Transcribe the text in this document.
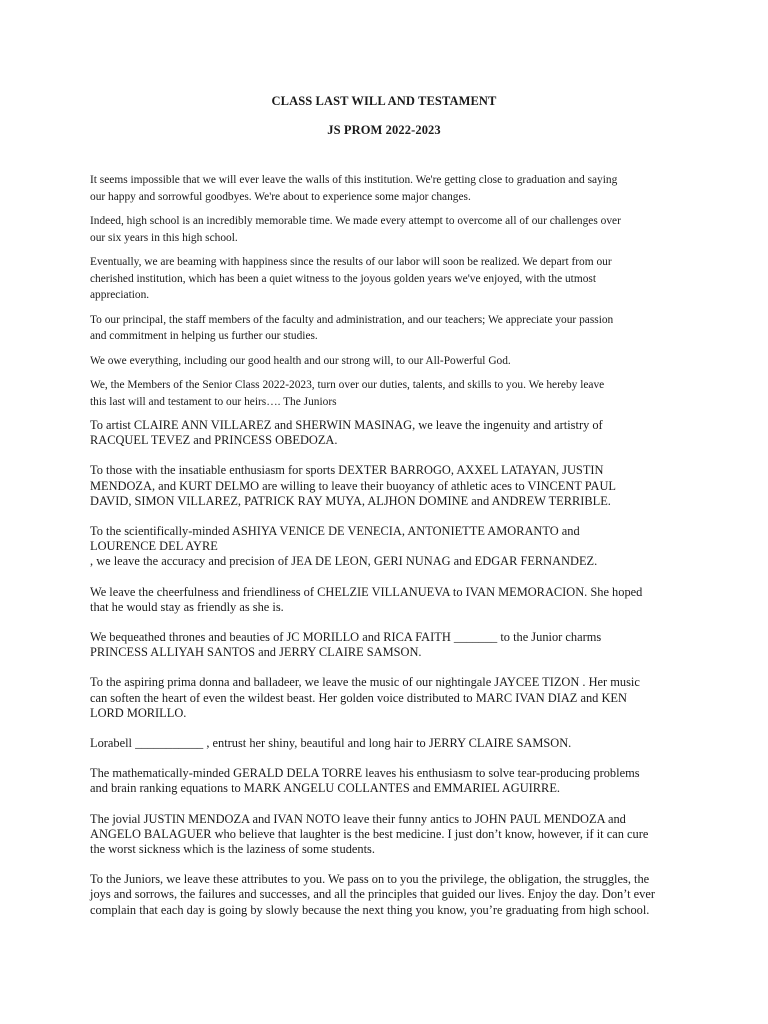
CLASS LAST WILL AND TESTAMENT
JS PROM 2022-2023

It seems impossible that we will ever leave the walls of this institution. We're getting close to graduation and saying
our happy and sorrowful goodbyes. We're about to experience some major changes.

Indeed, high school is an incredibly memorable time. We made every attempt to overcome all of our challenges over
our six years in this high school.

Eventually, we are beaming with happiness since the results of our labor will soon be realized. We depart from our
cherished institution, which has been a quiet witness to the joyous golden years we've enjoyed, with the utmost
appreciation.

To our principal, the staff members of the faculty and administration, and our teachers; We appreciate your passion
and commitment in helping us further our studies.

We owe everything, including our good health and our strong will, to our All-Powerful God.

We, the Members of the Senior Class 2022-2023, turn over our duties, talents, and skills to you. We hereby leave
this last will and testament to our heirs…. The Juniors

To artist CLAIRE ANN VILLAREZ and SHERWIN MASINAG, we leave the ingenuity and artistry of
RACQUEL TEVEZ and PRINCESS OBEDOZA.

To those with the insatiable enthusiasm for sports DEXTER BARROGO, AXXEL LATAYAN, JUSTIN
MENDOZA, and KURT DELMO are willing to leave their buoyancy of athletic aces to VINCENT PAUL
DAVID, SIMON VILLAREZ, PATRICK RAY MUYA, ALJHON DOMINE and ANDREW TERRIBLE.

To the scientifically-minded ASHIYA VENICE DE VENECIA, ANTONIETTE AMORANTO and
LOURENCE DEL AYRE
, we leave the accuracy and precision of JEA DE LEON, GERI NUNAG and EDGAR FERNANDEZ.

We leave the cheerfulness and friendliness of CHELZIE VILLANUEVA to IVAN MEMORACION. She hoped
that he would stay as friendly as she is.

We bequeathed thrones and beauties of JC MORILLO and RICA FAITH _______ to the Junior charms
PRINCESS ALLIYAH SANTOS and JERRY CLAIRE SAMSON.

To the aspiring prima donna and balladeer, we leave the music of our nightingale JAYCEE TIZON . Her music
can soften the heart of even the wildest beast. Her golden voice distributed to MARC IVAN DIAZ and KEN
LORD MORILLO.

Lorabell ___________ , entrust her shiny, beautiful and long hair to JERRY CLAIRE SAMSON.

The mathematically-minded GERALD DELA TORRE leaves his enthusiasm to solve tear-producing problems
and brain ranking equations to MARK ANGELU COLLANTES and EMMARIEL AGUIRRE.

The jovial JUSTIN MENDOZA and IVAN NOTO leave their funny antics to JOHN PAUL MENDOZA and
ANGELO BALAGUER who believe that laughter is the best medicine. I just don’t know, however, if it can cure
the worst sickness which is the laziness of some students.

To the Juniors, we leave these attributes to you. We pass on to you the privilege, the obligation, the struggles, the
joys and sorrows, the failures and successes, and all the principles that guided our lives. Enjoy the day. Don’t ever
complain that each day is going by slowly because the next thing you know, you’re graduating from high school.
